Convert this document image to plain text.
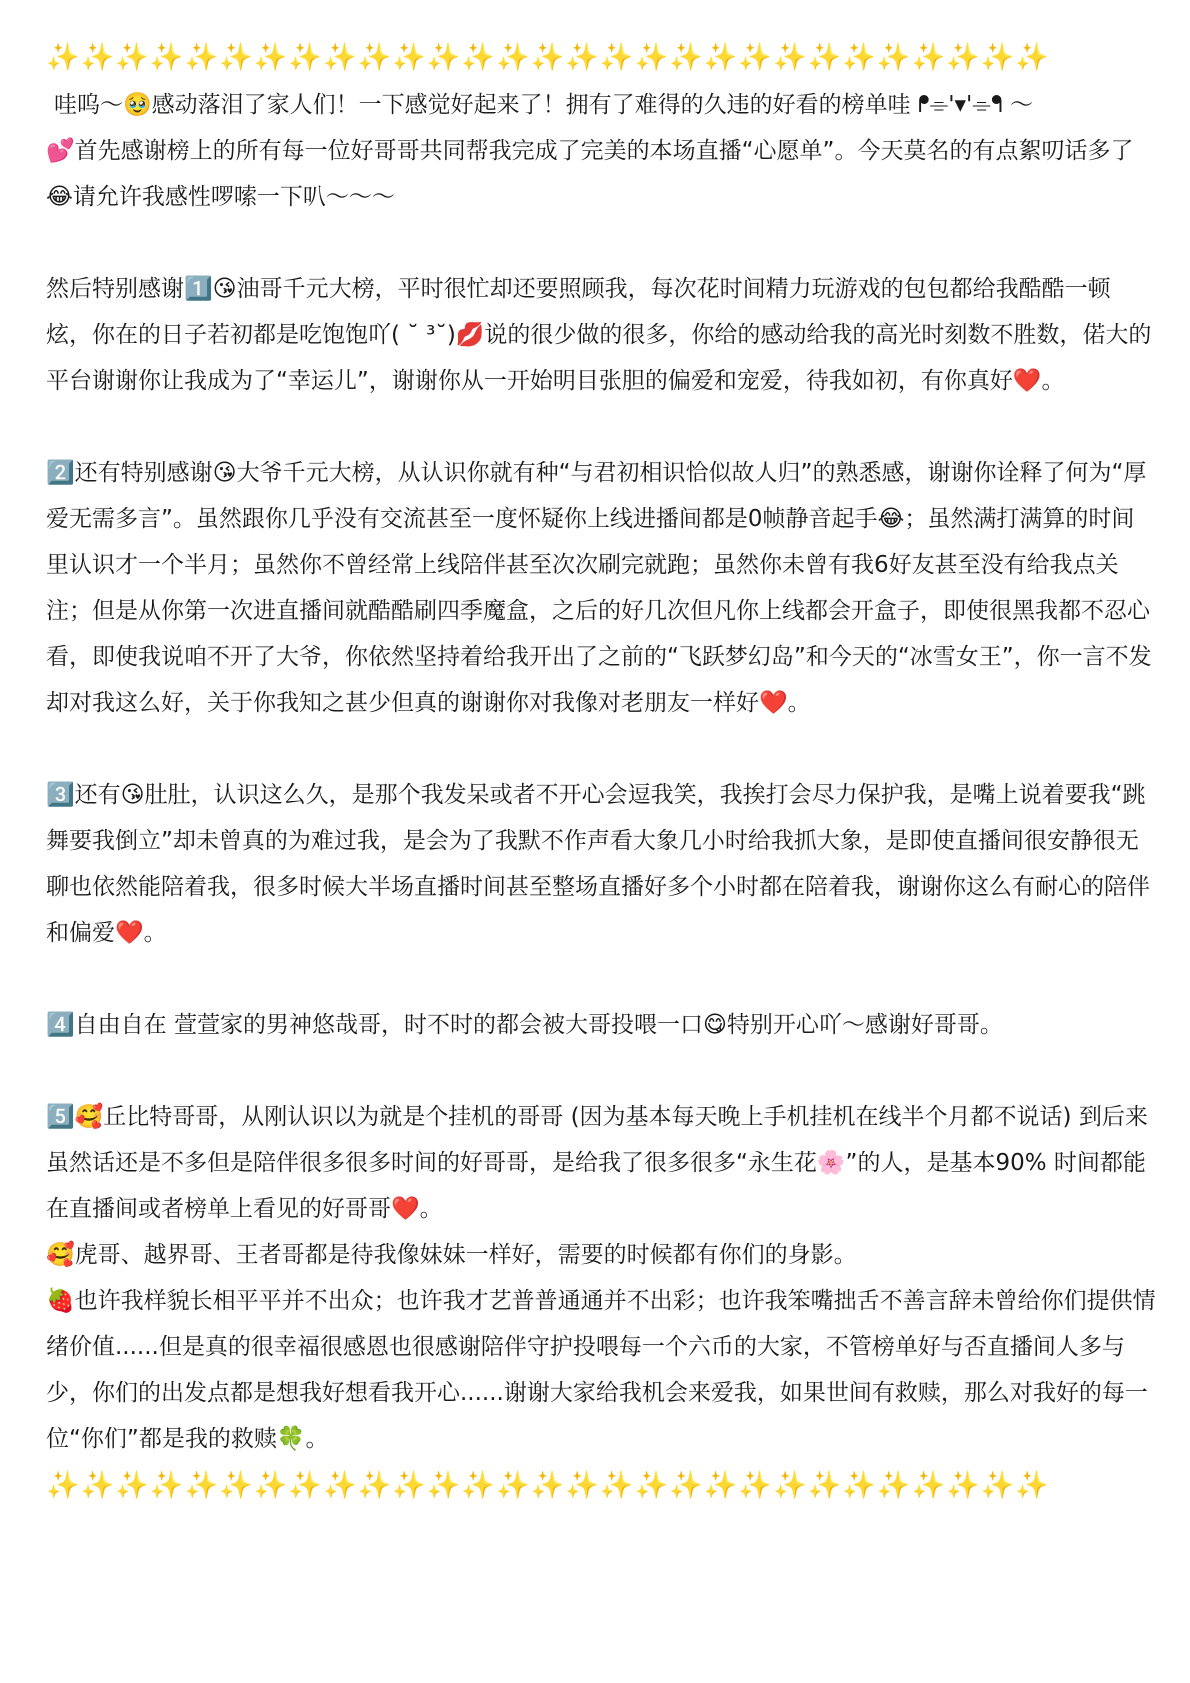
✨✨✨✨✨✨✨✨✨✨✨✨✨✨✨✨✨✨✨✨✨✨✨✨✨✨✨✨✨

哇呜～🥹感动落泪了家人们！一下感觉好起来了！拥有了难得的久违的好看的榜单哇 ᖰ⌯'▾'⌯ᖳ ～

💕首先感谢榜上的所有每一位好哥哥共同帮我完成了完美的本场直播“心愿单”。今天莫名的有点絮叨话多了😂请允许我感性啰嗦一下叭～～～

然后特别感谢1️⃣😘油哥千元大榜，平时很忙却还要照顾我，每次花时间精力玩游戏的包包都给我酷酷一顿炫，你在的日子若初都是吃饱饱吖( ˘ ³˘)💋说的很少做的很多，你给的感动给我的高光时刻数不胜数，偌大的平台谢谢你让我成为了“幸运儿”，谢谢你从一开始明目张胆的偏爱和宠爱，待我如初，有你真好❤️。

2️⃣还有特别感谢😘大爷千元大榜，从认识你就有种“与君初相识恰似故人归”的熟悉感，谢谢你诠释了何为“厚爱无需多言”。虽然跟你几乎没有交流甚至一度怀疑你上线进播间都是0帧静音起手😂；虽然满打满算的时间里认识才一个半月；虽然你不曾经常上线陪伴甚至次次刷完就跑；虽然你未曾有我6好友甚至没有给我点关注；但是从你第一次进直播间就酷酷刷四季魔盒，之后的好几次但凡你上线都会开盒子，即使很黑我都不忍心看，即使我说咱不开了大爷，你依然坚持着给我开出了之前的“飞跃梦幻岛”和今天的“冰雪女王”，你一言不发却对我这么好，关于你我知之甚少但真的谢谢你对我像对老朋友一样好❤️。

3️⃣还有😘肚肚，认识这么久，是那个我发呆或者不开心会逗我笑，我挨打会尽力保护我，是嘴上说着要我“跳舞要我倒立”却未曾真的为难过我，是会为了我默不作声看大象几小时给我抓大象，是即使直播间很安静很无聊也依然能陪着我，很多时候大半场直播时间甚至整场直播好多个小时都在陪着我，谢谢你这么有耐心的陪伴和偏爱❤️。

4️⃣自由自在 萱萱家的男神悠哉哥，时不时的都会被大哥投喂一口😋特别开心吖～感谢好哥哥。

5️⃣🥰丘比特哥哥，从刚认识以为就是个挂机的哥哥 (因为基本每天晚上手机挂机在线半个月都不说话) 到后来虽然话还是不多但是陪伴很多很多时间的好哥哥，是给我了很多很多“永生花🌸”的人，是基本90% 时间都能在直播间或者榜单上看见的好哥哥❤️。

🥰虎哥、越界哥、王者哥都是待我像妹妹一样好，需要的时候都有你们的身影。

🍓也许我样貌长相平平并不出众；也许我才艺普普通通并不出彩；也许我笨嘴拙舌不善言辞未曾给你们提供情绪价值......但是真的很幸福很感恩也很感谢陪伴守护投喂每一个六币的大家，不管榜单好与否直播间人多与少，你们的出发点都是想我好想看我开心......谢谢大家给我机会来爱我，如果世间有救赎，那么对我好的每一位“你们”都是我的救赎🍀。

✨✨✨✨✨✨✨✨✨✨✨✨✨✨✨✨✨✨✨✨✨✨✨✨✨✨✨✨✨
